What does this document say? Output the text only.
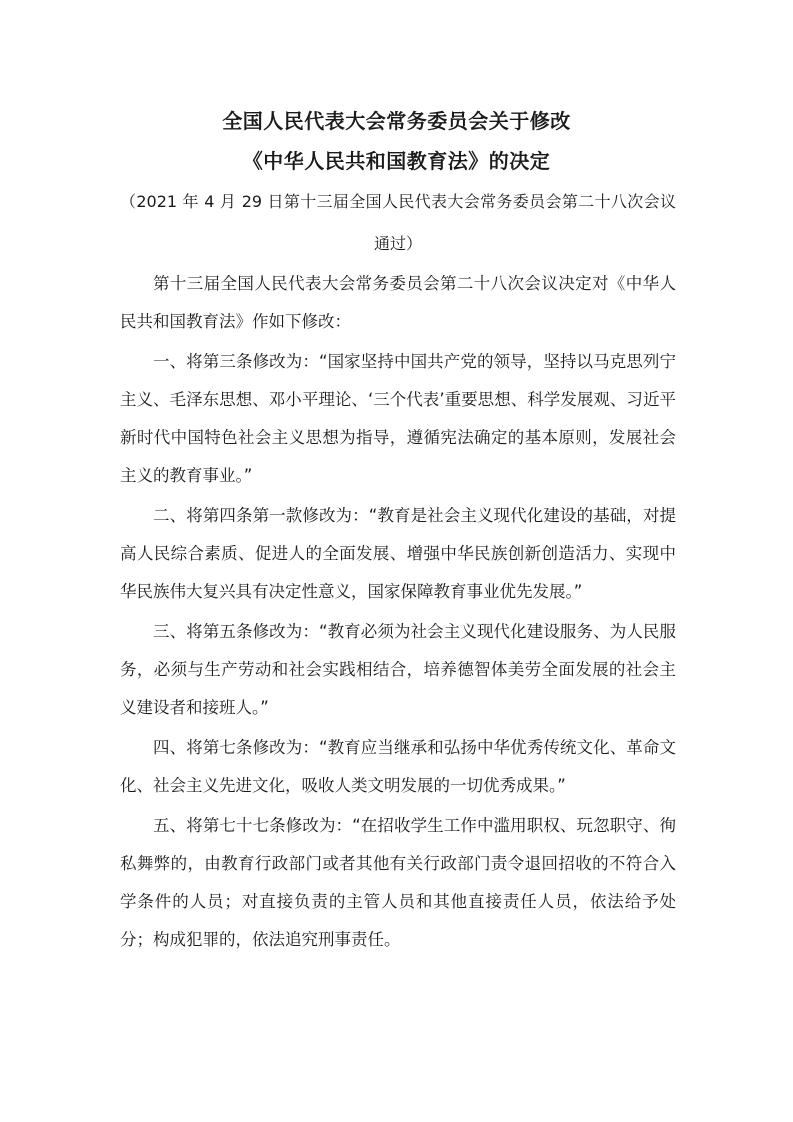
全国人民代表大会常务委员会关于修改
《中华人民共和国教育法》的决定

（2021 年 4 月 29 日第十三届全国人民代表大会常务委员会第二十八次会议通过）

第十三届全国人民代表大会常务委员会第二十八次会议决定对《中华人民共和国教育法》作如下修改：

一、将第三条修改为：“国家坚持中国共产党的领导，坚持以马克思列宁主义、毛泽东思想、邓小平理论、‘三个代表’重要思想、科学发展观、习近平新时代中国特色社会主义思想为指导，遵循宪法确定的基本原则，发展社会主义的教育事业。”

二、将第四条第一款修改为：“教育是社会主义现代化建设的基础，对提高人民综合素质、促进人的全面发展、增强中华民族创新创造活力、实现中华民族伟大复兴具有决定性意义，国家保障教育事业优先发展。”

三、将第五条修改为：“教育必须为社会主义现代化建设服务、为人民服务，必须与生产劳动和社会实践相结合，培养德智体美劳全面发展的社会主义建设者和接班人。”

四、将第七条修改为：“教育应当继承和弘扬中华优秀传统文化、革命文化、社会主义先进文化，吸收人类文明发展的一切优秀成果。”

五、将第七十七条修改为：“在招收学生工作中滥用职权、玩忽职守、徇私舞弊的，由教育行政部门或者其他有关行政部门责令退回招收的不符合入学条件的人员；对直接负责的主管人员和其他直接责任人员，依法给予处分；构成犯罪的，依法追究刑事责任。
